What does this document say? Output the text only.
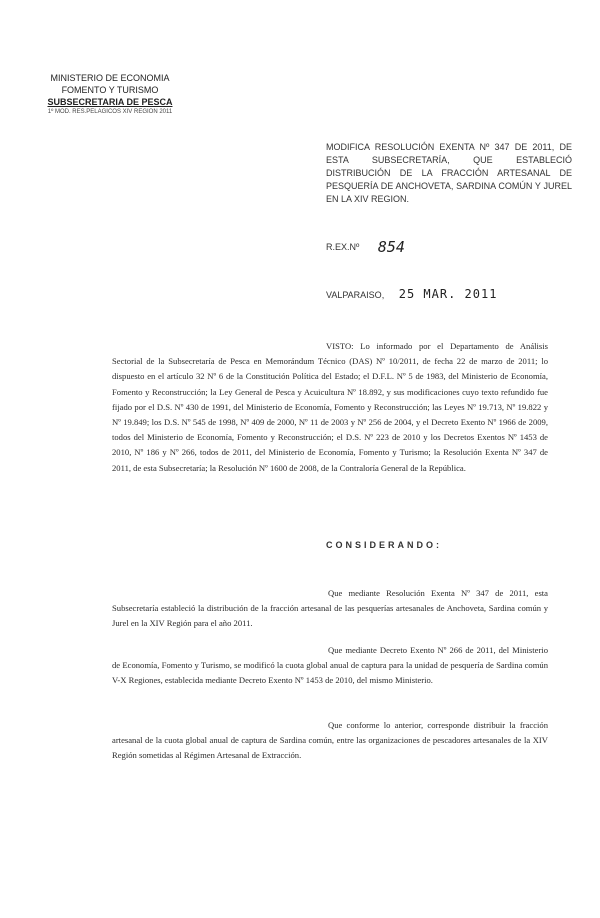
MINISTERIO DE ECONOMIA
FOMENTO Y TURISMO
SUBSECRETARIA DE PESCA
1º MOD. RES.PELAGICOS XIV REGION 2011
MODIFICA RESOLUCIÓN EXENTA Nº 347 DE 2011, DE ESTA SUBSECRETARÍA, QUE ESTABLECIÓ DISTRIBUCIÓN DE LA FRACCIÓN ARTESANAL DE PESQUERÍA DE ANCHOVETA, SARDINA COMÚN Y JUREL EN LA XIV REGION.
R.EX.Nº 854
VALPARAISO, 25 MAR. 2011
VISTO: Lo informado por el Departamento de Análisis Sectorial de la Subsecretaría de Pesca en Memorándum Técnico (DAS) Nº 10/2011, de fecha 22 de marzo de 2011; lo dispuesto en el artículo 32 Nº 6 de la Constitución Política del Estado; el D.F.L. Nº 5 de 1983, del Ministerio de Economía, Fomento y Reconstrucción; la Ley General de Pesca y Acuicultura Nº 18.892, y sus modificaciones cuyo texto refundido fue fijado por el D.S. Nº 430 de 1991, del Ministerio de Economía, Fomento y Reconstrucción; las Leyes Nº 19.713, Nº 19.822 y Nº 19.849; los D.S. Nº 545 de 1998, Nº 409 de 2000, Nº 11 de 2003 y Nº 256 de 2004, y el Decreto Exento Nº 1966 de 2009, todos del Ministerio de Economía, Fomento y Reconstrucción; el D.S. Nº 223 de 2010 y los Decretos Exentos Nº 1453 de 2010, Nº 186 y Nº 266, todos de 2011, del Ministerio de Economía, Fomento y Turismo; la Resolución Exenta Nº 347 de 2011, de esta Subsecretaría; la Resolución Nº 1600 de 2008, de la Contraloría General de la República.
CONSIDERANDO:
Que mediante Resolución Exenta Nº 347 de 2011, esta Subsecretaría estableció la distribución de la fracción artesanal de las pesquerías artesanales de Anchoveta, Sardina común y Jurel en la XIV Región para el año 2011.
Que mediante Decreto Exento Nº 266 de 2011, del Ministerio de Economía, Fomento y Turismo, se modificó la cuota global anual de captura para la unidad de pesquería de Sardina común V-X Regiones, establecida mediante Decreto Exento Nº 1453 de 2010, del mismo Ministerio.
Que conforme lo anterior, corresponde distribuir la fracción artesanal de la cuota global anual de captura de Sardina común, entre las organizaciones de pescadores artesanales de la XIV Región sometidas al Régimen Artesanal de Extracción.
